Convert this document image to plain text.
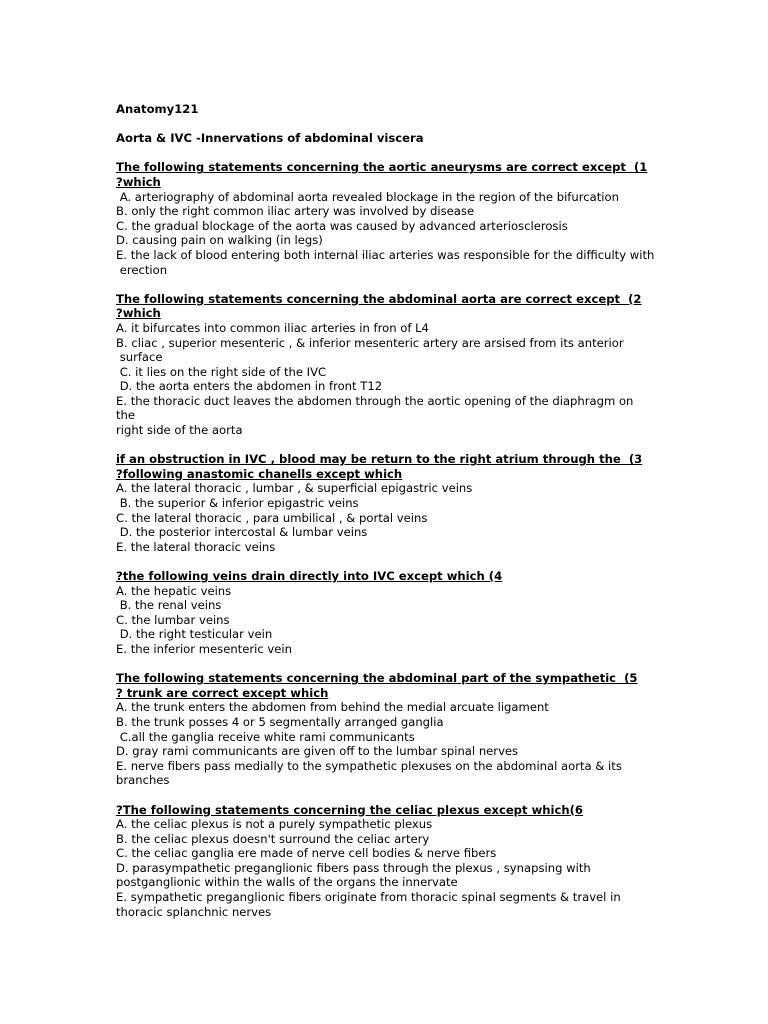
Anatomy121

Aorta & IVC -Innervations of abdominal viscera

The following statements concerning the aortic aneurysms are correct except  (1

?which

A. arteriography of abdominal aorta revealed blockage in the region of the bifurcation

B. only the right common iliac artery was involved by disease

C. the gradual blockage of the aorta was caused by advanced arteriosclerosis

D. causing pain on walking (in legs)

E. the lack of blood entering both internal iliac arteries was responsible for the difficulty with

erection

The following statements concerning the abdominal aorta are correct except  (2

?which

A. it bifurcates into common iliac arteries in fron of L4

B. cliac , superior mesenteric , & inferior mesenteric artery are arsised from its anterior

surface

C. it lies on the right side of the IVC

D. the aorta enters the abdomen in front T12

E. the thoracic duct leaves the abdomen through the aortic opening of the diaphragm on the

right side of the aorta

if an obstruction in IVC , blood may be return to the right atrium through the  (3

?following anastomic chanells except which

A. the lateral thoracic , lumbar , & superficial epigastric veins

B. the superior & inferior epigastric veins

C. the lateral thoracic , para umbilical , & portal veins

D. the posterior intercostal & lumbar veins

E. the lateral thoracic veins

?the following veins drain directly into IVC except which (4

A. the hepatic veins

B. the renal veins

C. the lumbar veins

D. the right testicular vein

E. the inferior mesenteric vein

The following statements concerning the abdominal part of the sympathetic  (5

? trunk are correct except which

A. the trunk enters the abdomen from behind the medial arcuate ligament

B. the trunk posses 4 or 5 segmentally arranged ganglia

C.all the ganglia receive white rami communicants

D. gray rami communicants are given off to the lumbar spinal nerves

E. nerve fibers pass medially to the sympathetic plexuses on the abdominal aorta & its

branches

?The following statements concerning the celiac plexus except which(6

A. the celiac plexus is not a purely sympathetic plexus

B. the celiac plexus doesn't surround the celiac artery

C. the celiac ganglia ere made of nerve cell bodies & nerve fibers

D. parasympathetic preganglionic fibers pass through the plexus , synapsing with

postganglionic within the walls of the organs the innervate

E. sympathetic preganglionic fibers originate from thoracic spinal segments & travel in

thoracic splanchnic nerves
